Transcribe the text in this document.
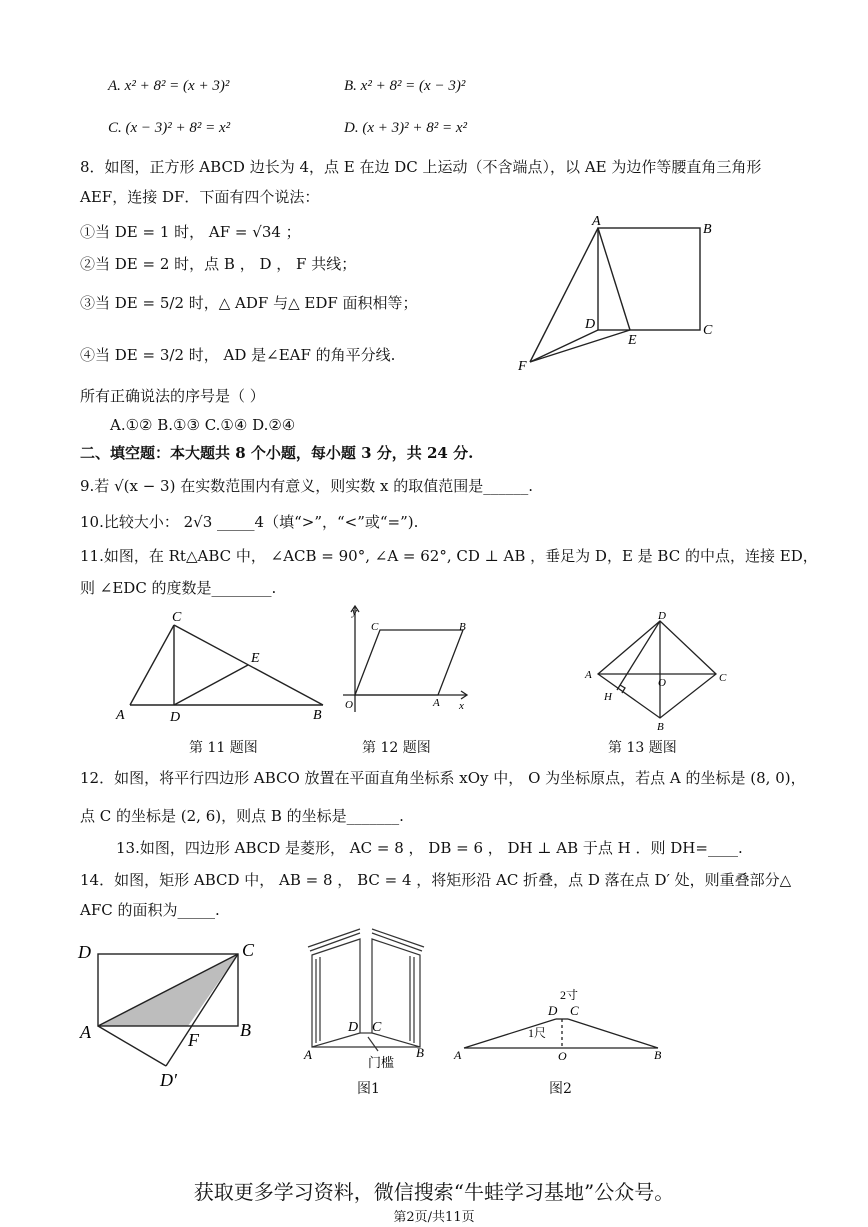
A. x² + 8² = (x + 3)²	B. x² + 8² = (x − 3)²
C. (x − 3)² + 8² = x²	D. (x + 3)² + 8² = x²
8．如图，正方形 ABCD 边长为 4，点 E 在边 DC 上运动（不含端点），以 AE 为边作等腰直角三角形
AEF，连接 DF．下面有四个说法：
①当 DE = 1 时， AF = √34 ；
②当 DE = 2 时，点 B ， D ， F 共线；
③当 DE = 5/2 时，△ ADF 与△ EDF 面积相等；
④当 DE = 3/2 时， AD 是∠EAF 的角平分线.
所有正确说法的序号是（ ）
A.①② B.①③ C.①④ D.②④
A
B
C
D
E
F
二、填空题：本大题共 8 个小题，每小题 3 分，共 24 分.
9.若 √(x − 3) 在实数范围内有意义，则实数 x 的取值范围是______.
10.比较大小： 2√3 _____4（填“>”，“<”或“=”).
11.如图，在 Rt△ABC 中， ∠ACB = 90°, ∠A = 62°, CD ⊥ AB ，垂足为 D，E 是 BC 的中点，连接 ED，
则 ∠EDC 的度数是________.
A	B
C
D
E
y
x
O	A
B
C
A
B
C
D
O
H
第 11 题图	第 12 题图	第 13 题图
12．如图，将平行四边形 ABCO 放置在平面直角坐标系 xOy 中， O 为坐标原点，若点 A 的坐标是 (8, 0)，
点 C 的坐标是 (2, 6)，则点 B 的坐标是_______.
13.如图，四边形 ABCD 是菱形， AC = 8 ， DB = 6 ， DH ⊥ AB 于点 H ．则 DH=____.
14．如图，矩形 ABCD 中， AB = 8 ， BC = 4 ，将矩形沿 AC 折叠，点 D 落在点 D′ 处，则重叠部分△
AFC 的面积为_____.
D	C
A	B
F
D′
A	B
C
D
门槛
图1
2寸
D C
1尺
A	B
O
图2
获取更多学习资料，微信搜索“牛蛙学习基地”公众号。
第2页/共11页
